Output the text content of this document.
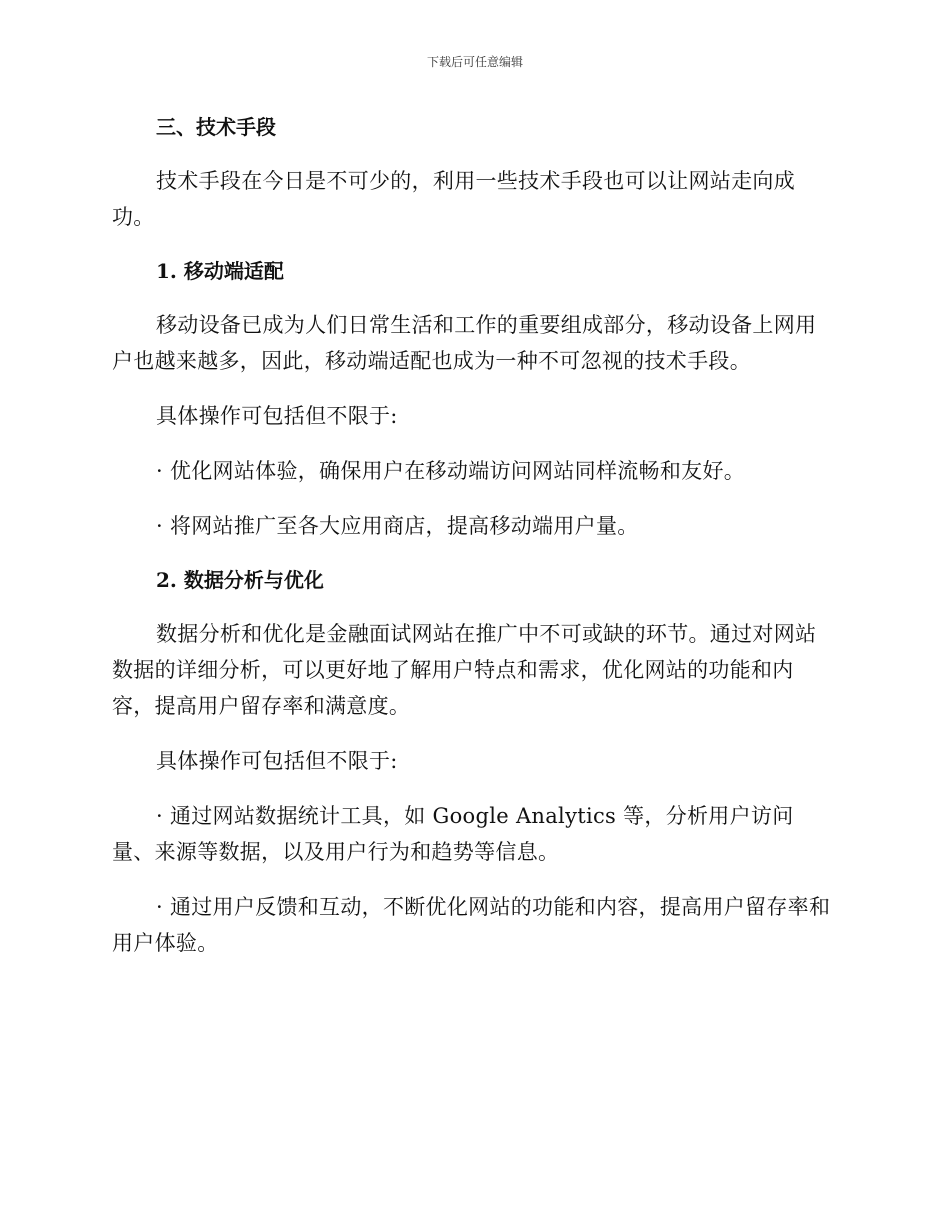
下载后可任意编辑
三、技术手段

技术手段在今日是不可少的，利用一些技术手段也可以让网站走向成功。

1. 移动端适配

移动设备已成为人们日常生活和工作的重要组成部分，移动设备上网用户也越来越多，因此，移动端适配也成为一种不可忽视的技术手段。

具体操作可包括但不限于:

· 优化网站体验，确保用户在移动端访问网站同样流畅和友好。

· 将网站推广至各大应用商店，提高移动端用户量。

2. 数据分析与优化

数据分析和优化是金融面试网站在推广中不可或缺的环节。通过对网站数据的详细分析，可以更好地了解用户特点和需求，优化网站的功能和内容，提高用户留存率和满意度。

具体操作可包括但不限于:

· 通过网站数据统计工具，如 Google Analytics 等，分析用户访问量、来源等数据，以及用户行为和趋势等信息。

· 通过用户反馈和互动，不断优化网站的功能和内容，提高用户留存率和用户体验。
